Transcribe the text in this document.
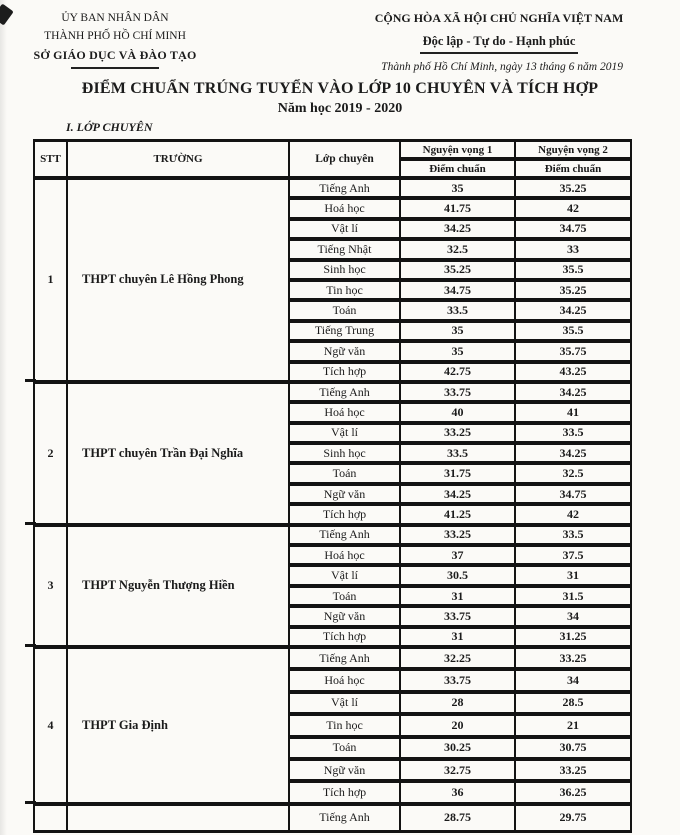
ỦY BAN NHÂN DÂN
THÀNH PHỐ HỒ CHÍ MINH
SỞ GIÁO DỤC VÀ ĐÀO TẠO
CỘNG HÒA XÃ HỘI CHỦ NGHĨA VIỆT NAM
Độc lập - Tự do - Hạnh phúc
Thành phố Hồ Chí Minh, ngày 13 tháng 6 năm 2019
ĐIỂM CHUẨN TRÚNG TUYỂN VÀO LỚP 10 CHUYÊN VÀ TÍCH HỢP
Năm học 2019 - 2020
I. LỚP CHUYÊN
STT	TRƯỜNG	Lớp chuyên	Nguyện vọng 1	Nguyện vọng 2
			Điểm chuẩn	Điểm chuẩn
1	THPT chuyên Lê Hồng Phong	Tiếng Anh	35	35.25
		Hoá học	41.75	42
		Vật lí	34.25	34.75
		Tiếng Nhật	32.5	33
		Sinh học	35.25	35.5
		Tin học	34.75	35.25
		Toán	33.5	34.25
		Tiếng Trung	35	35.5
		Ngữ văn	35	35.75
		Tích hợp	42.75	43.25
2	THPT chuyên Trần Đại Nghĩa	Tiếng Anh	33.75	34.25
		Hoá học	40	41
		Vật lí	33.25	33.5
		Sinh học	33.5	34.25
		Toán	31.75	32.5
		Ngữ văn	34.25	34.75
		Tích hợp	41.25	42
3	THPT Nguyễn Thượng Hiền	Tiếng Anh	33.25	33.5
		Hoá học	37	37.5
		Vật lí	30.5	31
		Toán	31	31.5
		Ngữ văn	33.75	34
		Tích hợp	31	31.25
4	THPT Gia Định	Tiếng Anh	32.25	33.25
		Hoá học	33.75	34
		Vật lí	28	28.5
		Tin học	20	21
		Toán	30.25	30.75
		Ngữ văn	32.75	33.25
		Tích hợp	36	36.25
		Tiếng Anh	28.75	29.75
